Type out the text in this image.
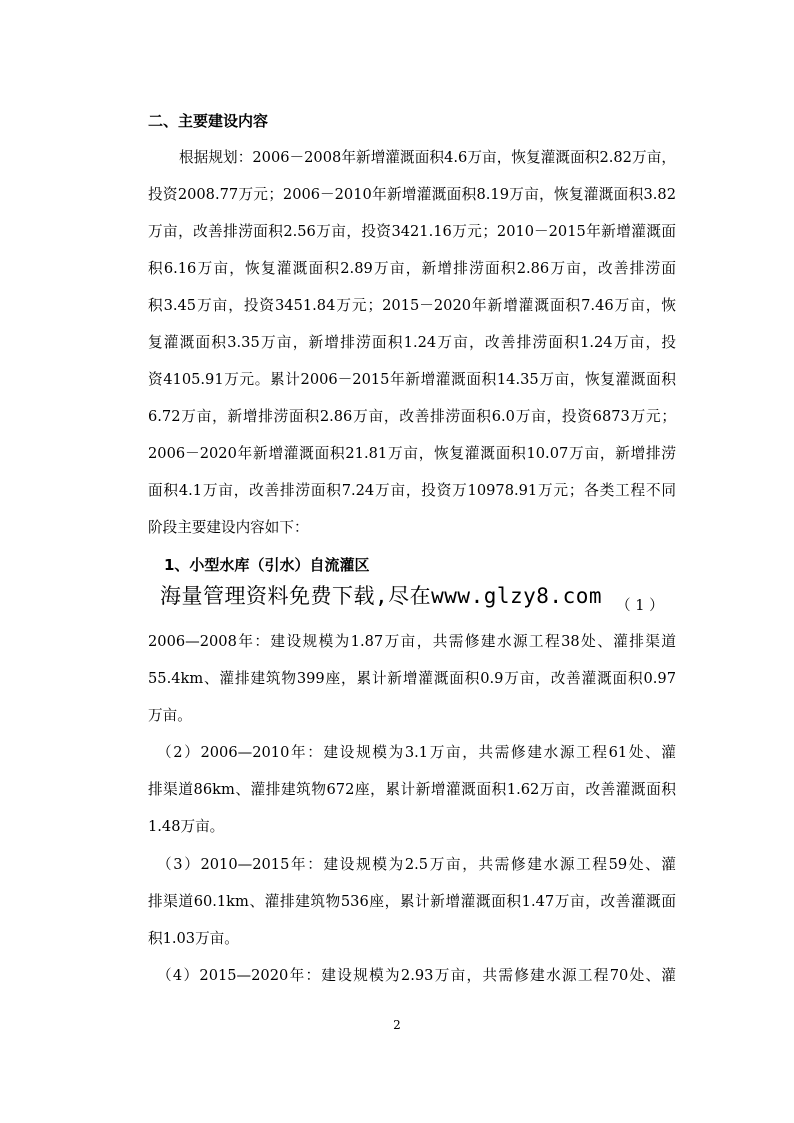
二、主要建设内容
根据规划：2006－2008年新增灌溉面积4.6万亩，恢复灌溉面积2.82万亩，
投资2008.77万元；2006－2010年新增灌溉面积8.19万亩，恢复灌溉面积3.82
万亩，改善排涝面积2.56万亩，投资3421.16万元；2010－2015年新增灌溉面
积6.16万亩，恢复灌溉面积2.89万亩，新增排涝面积2.86万亩，改善排涝面
积3.45万亩，投资3451.84万元；2015－2020年新增灌溉面积7.46万亩，恢
复灌溉面积3.35万亩，新增排涝面积1.24万亩，改善排涝面积1.24万亩，投
资4105.91万元。累计2006－2015年新增灌溉面积14.35万亩，恢复灌溉面积
6.72万亩，新增排涝面积2.86万亩，改善排涝面积6.0万亩，投资6873万元；
2006－2020年新增灌溉面积21.81万亩，恢复灌溉面积10.07万亩，新增排涝
面积4.1万亩，改善排涝面积7.24万亩，投资万10978.91万元；各类工程不同
阶段主要建设内容如下：
1、小型水库（引水）自流灌区
海量管理资料免费下载,尽在www.glzy8.com （ 1 ）
2006—2008年：建设规模为1.87万亩，共需修建水源工程38处、灌排渠道
55.4km、灌排建筑物399座，累计新增灌溉面积0.9万亩，改善灌溉面积0.97
万亩。
（2）2006—2010年：建设规模为3.1万亩，共需修建水源工程61处、灌
排渠道86km、灌排建筑物672座，累计新增灌溉面积1.62万亩，改善灌溉面积
1.48万亩。
（3）2010—2015年：建设规模为2.5万亩，共需修建水源工程59处、灌
排渠道60.1km、灌排建筑物536座，累计新增灌溉面积1.47万亩，改善灌溉面
积1.03万亩。
（4）2015—2020年：建设规模为2.93万亩，共需修建水源工程70处、灌
2
